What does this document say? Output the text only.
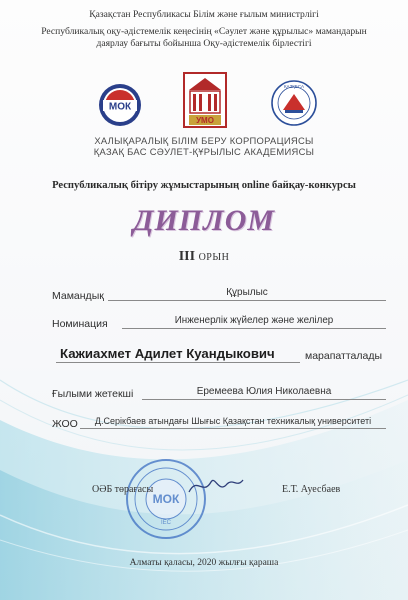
Қазақстан Республикасы Білім және ғылым министрлігі
Республикалық оқу-әдістемелік кеңесінің «Сәулет және құрылыс» мамандарын
даярлау бағыты бойынша Оқу-әдістемелік бірлестігі
МОК
УМО
ҚАЗҚБСА
ХАЛЫҚАРАЛЫҚ БІЛІМ БЕРУ КОРПОРАЦИЯСЫ
ҚАЗАҚ БАС СӘУЛЕТ-ҚҰРЫЛЫС АКАДЕМИЯСЫ
Республикалық бітіру жұмыстарының online байқау-конкурсы
ДИПЛОМ
III ОРЫН
Мамандық	Құрылыс
Номинация	Инженерлік жүйелер және желілер
Кажиахмет Адилет Куандыкович	марапатталады
Ғылыми жетекші	Еремеева Юлия Николаевна
ЖОО	Д.Серікбаев атындағы Шығыс Қазақстан техникалық университеті
МОК
IEC
ОӘБ төрағасы	Е.Т. Ауесбаев
Алматы қаласы, 2020 жылғы қараша
